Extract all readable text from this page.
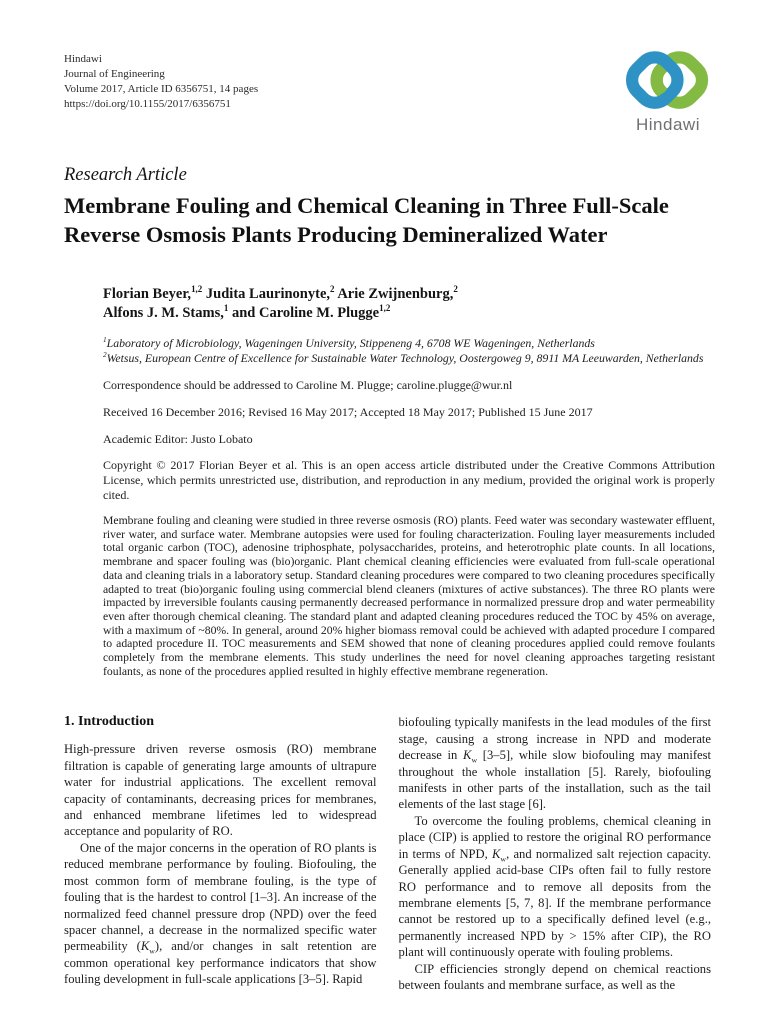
Hindawi
Journal of Engineering
Volume 2017, Article ID 6356751, 14 pages
https://doi.org/10.1155/2017/6356751
Hindawi
Research Article
Membrane Fouling and Chemical Cleaning in Three Full-Scale Reverse Osmosis Plants Producing Demineralized Water
Florian Beyer,$^{1,2}$ Judita Laurinonyte,$^2$ Arie Zwijnenburg,$^2$
Alfons J. M. Stams,$^1$ and Caroline M. Plugge$^{1,2}$
$^1$Laboratory of Microbiology, Wageningen University, Stippeneng 4, 6708 WE Wageningen, Netherlands
$^2$Wetsus, European Centre of Excellence for Sustainable Water Technology, Oostergoweg 9, 8911 MA Leeuwarden, Netherlands
Correspondence should be addressed to Caroline M. Plugge; caroline.plugge@wur.nl
Received 16 December 2016; Revised 16 May 2017; Accepted 18 May 2017; Published 15 June 2017
Academic Editor: Justo Lobato
Copyright © 2017 Florian Beyer et al. This is an open access article distributed under the Creative Commons Attribution License, which permits unrestricted use, distribution, and reproduction in any medium, provided the original work is properly cited.
Membrane fouling and cleaning were studied in three reverse osmosis (RO) plants. Feed water was secondary wastewater effluent, river water, and surface water. Membrane autopsies were used for fouling characterization. Fouling layer measurements included total organic carbon (TOC), adenosine triphosphate, polysaccharides, proteins, and heterotrophic plate counts. In all locations, membrane and spacer fouling was (bio)organic. Plant chemical cleaning efficiencies were evaluated from full-scale operational data and cleaning trials in a laboratory setup. Standard cleaning procedures were compared to two cleaning procedures specifically adapted to treat (bio)organic fouling using commercial blend cleaners (mixtures of active substances). The three RO plants were impacted by irreversible foulants causing permanently decreased performance in normalized pressure drop and water permeability even after thorough chemical cleaning. The standard plant and adapted cleaning procedures reduced the TOC by 45% on average, with a maximum of ~80%. In general, around 20% higher biomass removal could be achieved with adapted procedure I compared to adapted procedure II. TOC measurements and SEM showed that none of cleaning procedures applied could remove foulants completely from the membrane elements. This study underlines the need for novel cleaning approaches targeting resistant foulants, as none of the procedures applied resulted in highly effective membrane regeneration.
1. Introduction

High-pressure driven reverse osmosis (RO) membrane filtration is capable of generating large amounts of ultrapure water for industrial applications. The excellent removal capacity of contaminants, decreasing prices for membranes, and enhanced membrane lifetimes led to widespread acceptance and popularity of RO.

One of the major concerns in the operation of RO plants is reduced membrane performance by fouling. Biofouling, the most common form of membrane fouling, is the type of fouling that is the hardest to control [1–3]. An increase of the normalized feed channel pressure drop (NPD) over the feed spacer channel, a decrease in the normalized specific water permeability $(K_w)$, and/or changes in salt retention are common operational key performance indicators that show fouling development in full-scale applications [3–5]. Rapid

biofouling typically manifests in the lead modules of the first stage, causing a strong increase in NPD and moderate decrease in $K_w$ [3–5], while slow biofouling may manifest throughout the whole installation [5]. Rarely, biofouling manifests in other parts of the installation, such as the tail elements of the last stage [6].

To overcome the fouling problems, chemical cleaning in place (CIP) is applied to restore the original RO performance in terms of NPD, $K_w$, and normalized salt rejection capacity. Generally applied acid-base CIPs often fail to fully restore RO performance and to remove all deposits from the membrane elements [5, 7, 8]. If the membrane performance cannot be restored up to a specifically defined level (e.g., permanently increased NPD by > 15% after CIP), the RO plant will continuously operate with fouling problems.

CIP efficiencies strongly depend on chemical reactions between foulants and membrane surface, as well as the
